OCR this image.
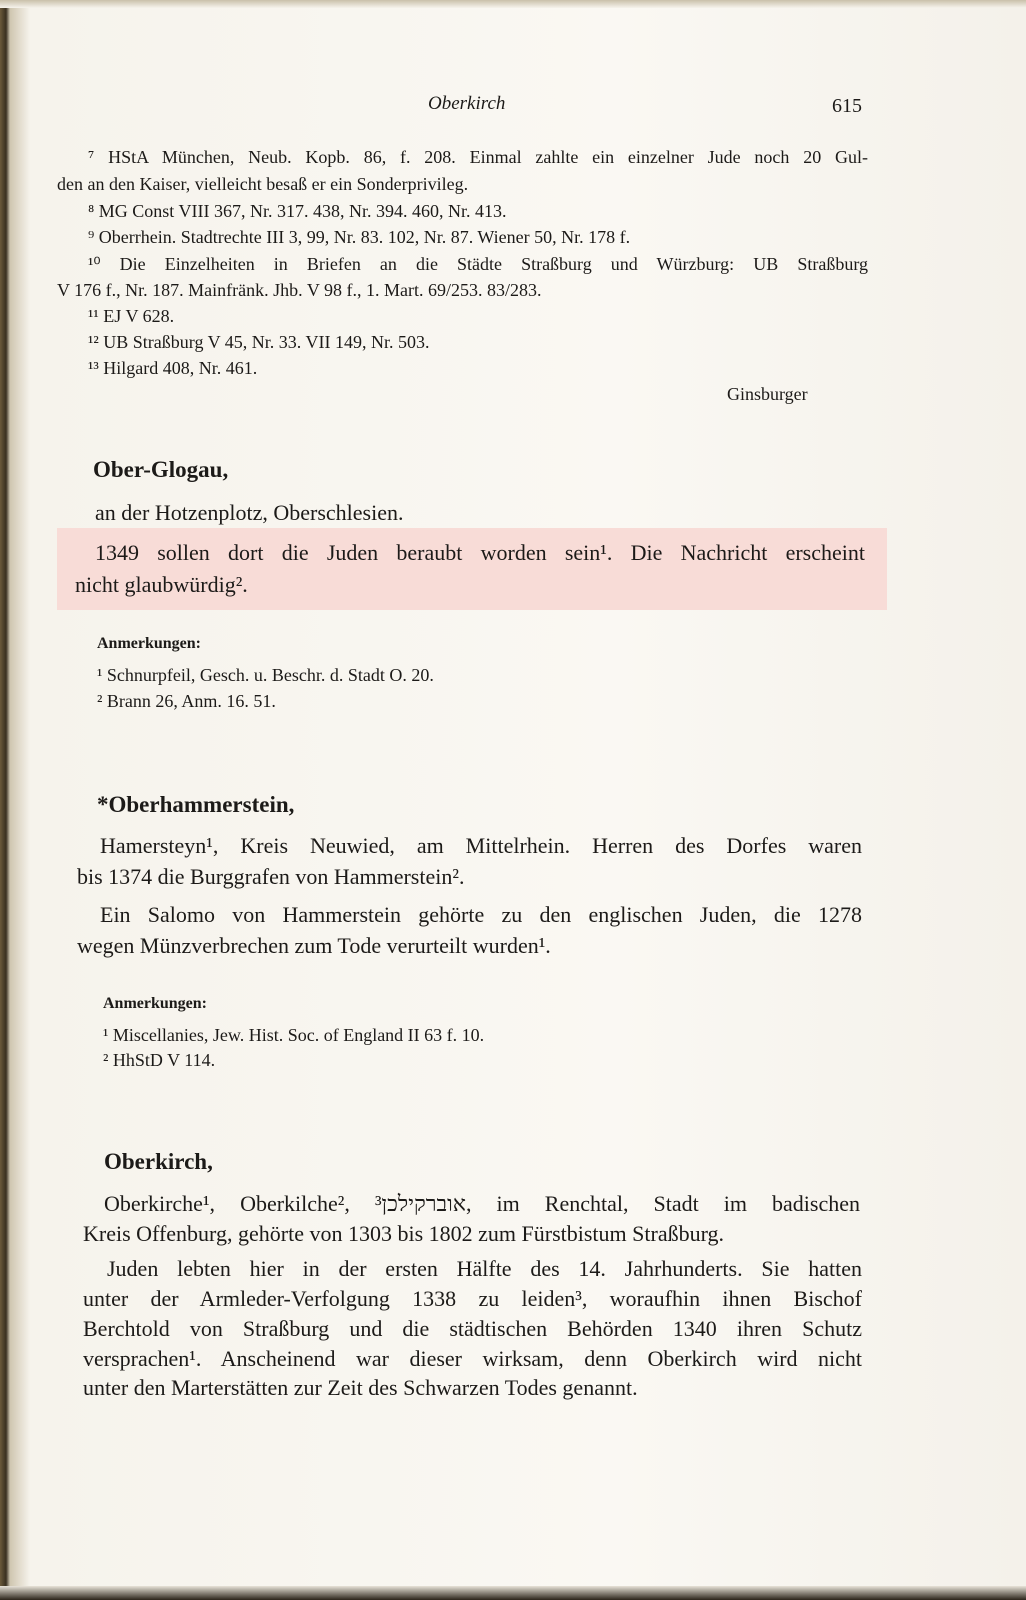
Oberkirch	615
⁷ HStA München, Neub. Kopb. 86, f. 208. Einmal zahlte ein einzelner Jude noch 20 Gul-
den an den Kaiser, vielleicht besaß er ein Sonderprivileg.
⁸ MG Const VIII 367, Nr. 317. 438, Nr. 394. 460, Nr. 413.
⁹ Oberrhein. Stadtrechte III 3, 99, Nr. 83. 102, Nr. 87. Wiener 50, Nr. 178 f.
¹⁰ Die Einzelheiten in Briefen an die Städte Straßburg und Würzburg: UB Straßburg
V 176 f., Nr. 187. Mainfränk. Jhb. V 98 f., 1. Mart. 69/253. 83/283.
¹¹ EJ V 628.
¹² UB Straßburg V 45, Nr. 33. VII 149, Nr. 503.
¹³ Hilgard 408, Nr. 461.
Ginsburger
Ober-Glogau,
an der Hotzenplotz, Oberschlesien.
1349 sollen dort die Juden beraubt worden sein¹. Die Nachricht erscheint
nicht glaubwürdig².
Anmerkungen:
¹ Schnurpfeil, Gesch. u. Beschr. d. Stadt O. 20.
² Brann 26, Anm. 16. 51.
*Oberhammerstein,
Hamersteyn¹, Kreis Neuwied, am Mittelrhein. Herren des Dorfes waren
bis 1374 die Burggrafen von Hammerstein².
Ein Salomo von Hammerstein gehörte zu den englischen Juden, die 1278
wegen Münzverbrechen zum Tode verurteilt wurden¹.
Anmerkungen:
¹ Miscellanies, Jew. Hist. Soc. of England II 63 f. 10.
² HhStD V 114.
Oberkirch,
Oberkirche¹, Oberkilche², אוברקילכן³, im Renchtal, Stadt im badischen
Kreis Offenburg, gehörte von 1303 bis 1802 zum Fürstbistum Straßburg.
Juden lebten hier in der ersten Hälfte des 14. Jahrhunderts. Sie hatten
unter der Armleder-Verfolgung 1338 zu leiden³, woraufhin ihnen Bischof
Berchtold von Straßburg und die städtischen Behörden 1340 ihren Schutz
versprachen¹. Anscheinend war dieser wirksam, denn Oberkirch wird nicht
unter den Marterstätten zur Zeit des Schwarzen Todes genannt.
